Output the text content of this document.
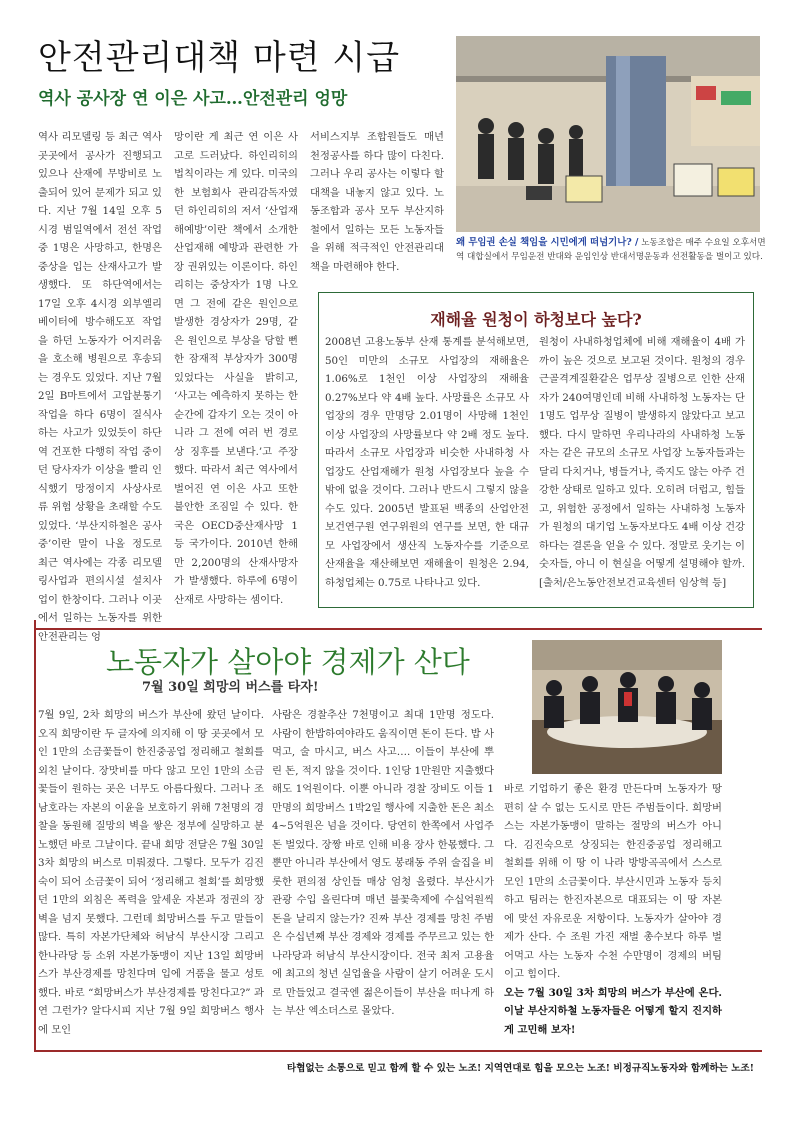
안전관리대책 마련 시급
역사 공사장 연 이은 사고…안전관리 엉망

역사 리모델링 등 최근 역사 곳곳에서 공사가 진행되고 있으나 산재에 무방비로 노출되어 있어 문제가 되고 있다. 지난 7월 14일 오후 5시경 범일역에서 전선 작업 중 1명은 사망하고, 한명은 중상을 입는 산재사고가 발생했다. 또 하단역에서는 17일 오후 4시경 외부엘리베이터에 방수해도포 작업을 하던 노동자가 어지러움을 호소해 병원으로 후송되는 경우도 있었다. 지난 7월2일 B마트에서 고압분통기작업을 하다 6명이 질식사하는 사고가 있었듯이 하단역 건포한 다행히 작업 중이던 당사자가 이상을 빨리 인식했기 망정이지 사상사로 류 위험 상황을 초래할 수도 있었다. ‘부산지하철은 공사 중’이란 말이 나올 정도로 최근 역사에는 각종 리모델링사업과 편의시설 설치사업이 한창이다. 그러나 이곳에서 일하는 노동자를 위한 안전관리는 엉

망이란 게 최근 연 이은 사고로 드러났다. 하인리히의 법칙이라는 게 있다. 미국의 한 보험회사 관리감독자였던 하인리히의 저서 ‘산업재해예방’이란 책에서 소개한 산업재해 예방과 관련한 가장 권위있는 이론이다. 하인리히는 중상자가 1명 나오면 그 전에 같은 원인으로 발생한 경상자가 29명, 같은 원인으로 부상을 당할 뻔한 잠재적 부상자가 300명 있었다는 사실을 밝히고, ‘사고는 예측하지 못하는 한 순간에 갑자기 오는 것이 아니라 그 전에 여러 번 경로상 징후를 보낸다.’고 주장했다. 따라서 최근 역사에서 벌어진 연 이은 사고 또한 불안한 조짐일 수 있다. 한국은 OECD중산재사망 1등 국가이다. 2010년 한해만 2,200명의 산재사망자가 발생했다. 하루에 6명이 산재로 사망하는 셈이다.

서비스지부 조합원들도 매년 천정공사를 하다 많이 다친다. 그러나 우리 공사는 이렇다 할 대책을 내놓지 않고 있다. 노동조합과 공사 모두 부산지하철에서 일하는 모든 노동자들을 위해 적극적인 안전관리대책을 마련해야 한다.

왜 무임권 손실 책임을 시민에게 떠넘기나? / 노동조합은 매주 수요일 오후서면역 대합실에서 무임운전 반대와 운임인상 반대서명운동과 선전활동을 벌이고 있다.
재해율 원청이 하청보다 높다?

2008년 고용노동부 산재 통계를 분석해보면, 50인 미만의 소규모 사업장의 재해율은 1.06%로 1천인 이상 사업장의 재해율 0.27%보다 약 4배 높다. 사망률은 소규모 사업장의 경우 만명당 2.01명이 사망해 1천인 이상 사업장의 사망률보다 약 2배 정도 높다. 따라서 소규모 사업장과 비슷한 사내하청 사업장도 산업재해가 원청 사업장보다 높을 수밖에 없을 것이다. 그러나 반드시 그렇지 않을 수도 있다. 2005년 발표된 백종의 산업안전보건연구원 연구위원의 연구를 보면, 한 대규모 사업장에서 생산직 노동자수를 기준으로 산재율을 재산해보면 재해율이 원청은 2.94, 하청업체는 0.75로 나타나고 있다.

원청이 사내하청업체에 비해 재해율이 4배 가까이 높은 것으로 보고된 것이다. 원청의 경우 근골격계질환같은 업무상 질병으로 인한 산재자가 240여명인데 비해 사내하청 노동자는 단 1명도 업무상 질병이 발생하지 않았다고 보고했다. 다시 말하면 우리나라의 사내하청 노동자는 같은 규모의 소규모 사업장 노동자들과는 달리 다치거나, 병들거나, 죽지도 않는 아주 건강한 상태로 일하고 있다. 오히려 더럽고, 힘들고, 위험한 공정에서 일하는 사내하청 노동자가 원청의 대기업 노동자보다도 4배 이상 건강하다는 결론을 얻을 수 있다. 정말로 웃기는 이 숫자들, 아니 이 현실을 어떻게 설명해야 할까. [출처/은노동안전보건교육센터 임상혁 등]

노동자가 살아야 경제가 산다
7월 30일 희망의 버스를 타자!

7월 9일, 2차 희망의 버스가 부산에 왔던 날이다. 오직 희망이란 두 글자에 의지해 이 땅 곳곳에서 모인 1만의 소금꽃들이 한진중공업 정리해고 철회를 외친 날이다. 장맛비를 마다 않고 모인 1만의 소금꽃들이 원하는 곳은 너무도 아름다웠다. 그러나 조남호라는 자본의 이윤을 보호하기 위해 7천명의 경찰을 동원해 질망의 벽을 쌓은 정부에 실망하고 분노했던 바로 그날이다. 끝내 희망 전달은 7월 30일 3차 희망의 버스로 미뤄졌다. 그렇다. 모두가 김진숙이 되어 소금꽃이 되어 ‘정리해고 철회’를 희망했던 1만의 외침은 폭력을 앞세운 자본과 정권의 장벽을 넘지 못했다. 그런데 희망버스를 두고 말들이 많다. 특히 자본가단체와 허남식 부산시장 그리고 한나라당 등 소위 자본가동맹이 지난 13일 희망버스가 부산경제를 망친다며 입에 거품을 물고 성토했다. 바로 “희망버스가 부산경제를 망친다고?” 과연 그런가? 알다시피 지난 7월 9일 희망버스 행사에 모인

사람은 경찰추산 7천명이고 최대 1만명 정도다. 사람이 한밥하여야라도 움직이면 돈이 든다. 밥 사 먹고, 술 마시고, 버스 사고…. 이들이 부산에 뿌린 돈, 적지 않을 것이다. 1인당 1만원만 지출했다 해도 1억원이다. 이뿐 아니라 경찰 장비도 이들 1만명의 희망버스 1박2일 행사에 지출한 돈은 최소 4~5억원은 넘을 것이다. 당연히 한쪽에서 사업주 돈 벌었다. 장짱 바로 인해 비용 장사 한몫했다. 그 뿐만 아니라 부산에서 영도 봉래동 주위 술집을 비롯한 편의점 상인들 매상 엄청 올렸다. 부산시가 관광 수입 올린다며 매년 불꽃축제에 수십억원씩 돈을 날리지 않는가? 진짜 부산 경제를 망친 주범은 수십년째 부산 경제와 경제를 주무르고 있는 한나라당과 허남식 부산시장이다. 전국 최저 고용율에 최고의 청년 실업율을 사람이 살기 어려운 도시로 만들었고 결국엔 젊은이들이 부산을 떠나게 하는 부산 엑소더스로 몰았다.

바로 기업하기 좋은 환경 만든다며 노동자가 땅편히 살 수 없는 도시로 만든 주범들이다. 희망버스는 자본가동맹이 말하는 절망의 버스가 아니다. 김진숙으로 상징되는 한진중공업 정리해고 철회를 위해 이 땅 이 나라 방방곡곡에서 스스로 모인 1만의 소금꽃이다. 부산시민과 노동자 등치하고 팀러는 한진자본으로 대표되는 이 땅 자본에 맞선 자유로운 저항이다. 노동자가 살아야 경제가 산다. 수 조원 가진 재벌 총수보다 하루 벌어먹고 사는 노동자 수천 수만명이 경제의 버팀이고 힘이다.

오는 7월 30일 3차 희망의 버스가 부산에 온다. 이날 부산지하철 노동자들은 어떻게 할지 진지하게 고민해 보자!

타협없는 소통으로 믿고 함께 할 수 있는 노조! 지역연대로 힘을 모으는 노조! 비정규직노동자와 함께하는 노조!
